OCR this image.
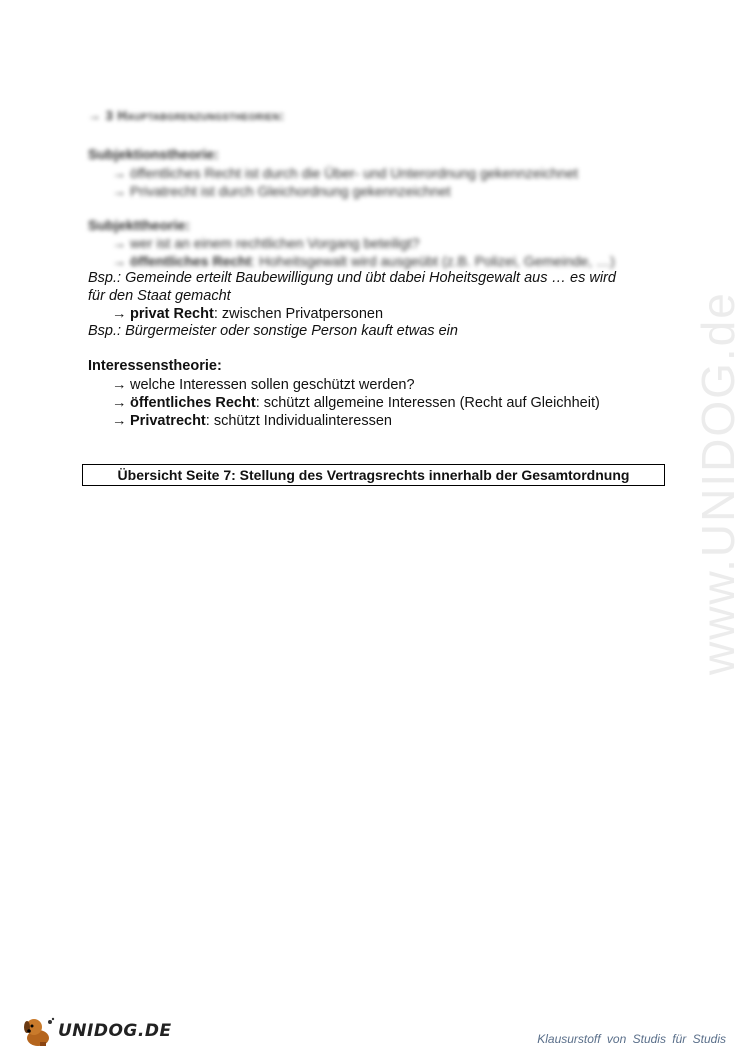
→ 3 Hauptabgrenzungstheorien:
Subjektionstheorie:
→ öffentliches Recht ist durch die Über- und Unterordnung gekennzeichnet
→ Privatrecht ist durch Gleichordnung gekennzeichnet
Subjekttheorie:
→ wer ist an einem rechtlichen Vorgang beteiligt?
→ öffentliches Recht: Hoheitsgewalt wird ausgeübt (z.B. Polizei, Gemeinde, …)
Bsp.: Gemeinde erteilt Baubewilligung und übt dabei Hoheitsgewalt aus … es wird
für den Staat gemacht
→ privat Recht: zwischen Privatpersonen
Bsp.: Bürgermeister oder sonstige Person kauft etwas ein
Interessenstheorie:
→ welche Interessen sollen geschützt werden?
→ öffentliches Recht: schützt allgemeine Interessen (Recht auf Gleichheit)
→ Privatrecht: schützt Individualinteressen
Übersicht Seite 7: Stellung des Vertragsrechts innerhalb der Gesamtordnung	www.UNIDOG.de
UNIDOG.DE	Klausurstoff von Studis für Studis
